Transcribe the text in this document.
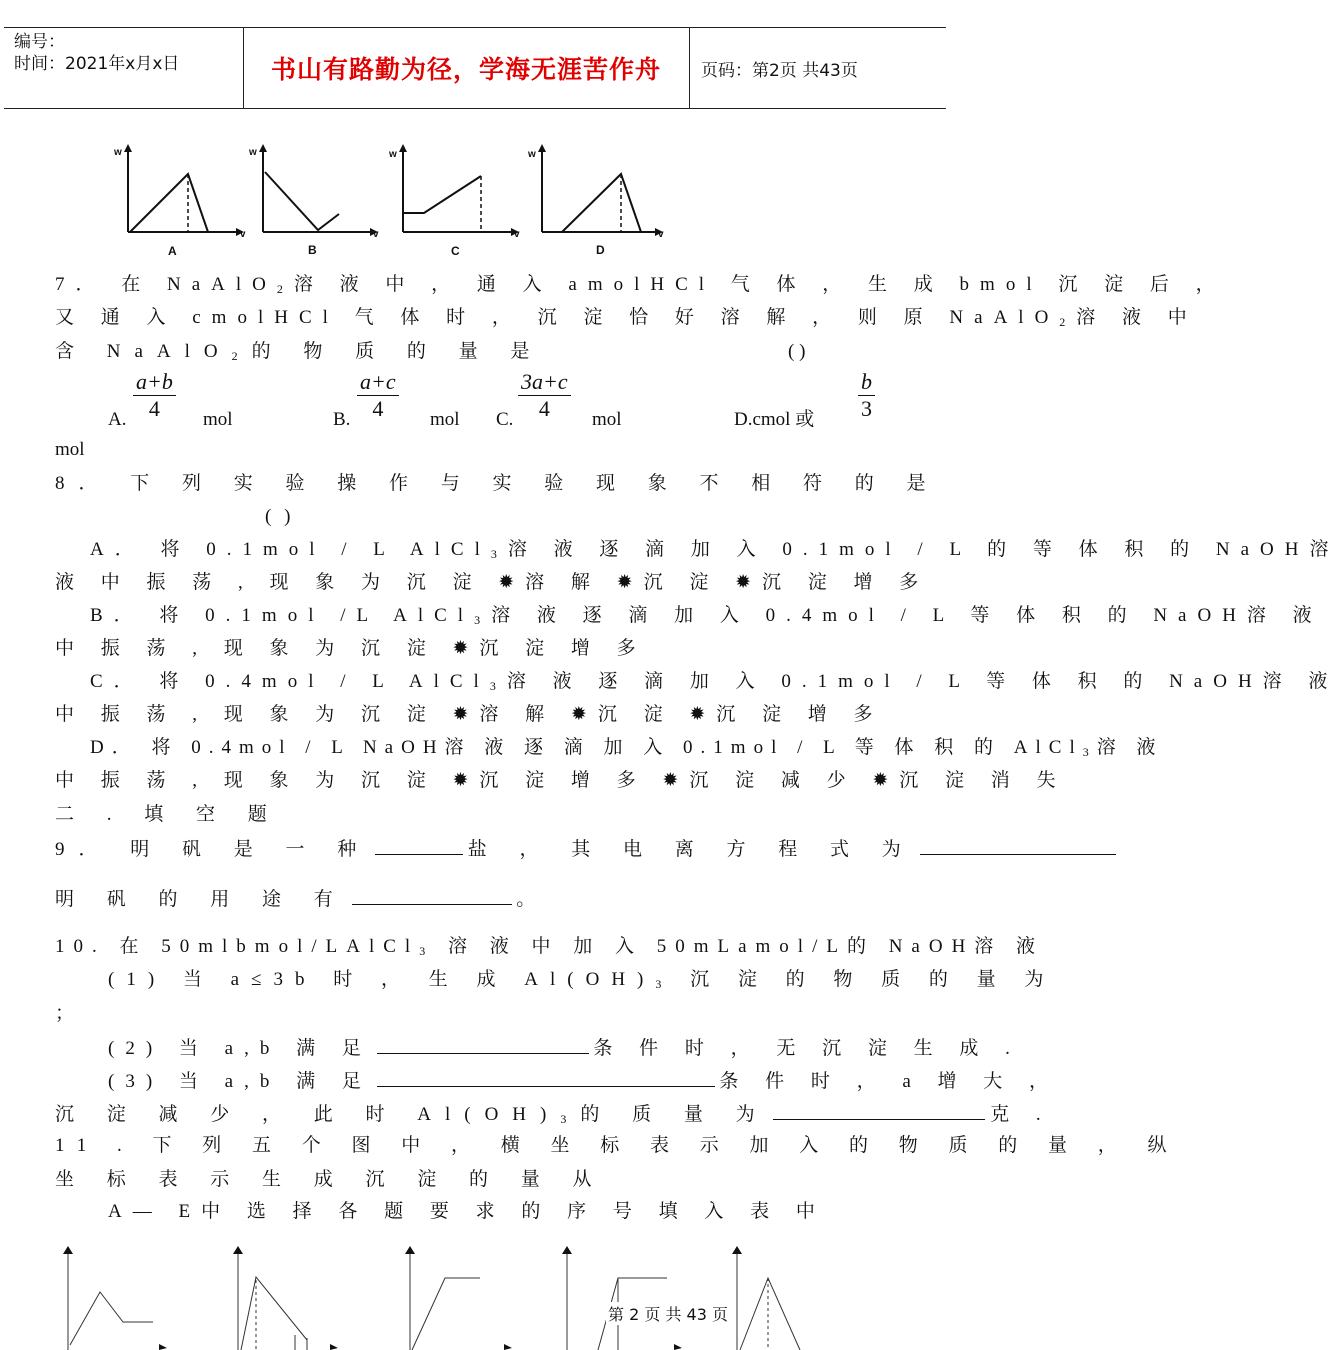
编号：
时间：2021年x月x日	书山有路勤为径，学海无涯苦作舟 页码：第2页 共43页
w
v
w
v
w
v
w
v
A	B	C	D
7． 在 NaAlO$_2$溶 液 中 ， 通 入 amolHCl 气 体 ， 生 成 bmol 沉 淀 后 ，
又 通 入 cmolHCl 气 体 时 ， 沉 淀 恰 好 溶 解 ， 则 原 NaAlO$_2$溶 液 中
含 NaAlO$_2$的 物 质 的 量 是	( )
A. $\frac{a+b}{4}$ mol	B. $\frac{a+c}{4}$ mol	C. $\frac{3a+c}{4}$ mol	D.cmol 或	$\frac{b}{3}$
mol
8． 下 列 实 验 操 作 与 实 验 现 象 不 相 符 的 是
( )
A． 将 0.1mol / L AlCl$_3$溶 液 逐 滴 加 入 0.1mol / L 的 等 体 积 的 NaOH溶
液 中 振 荡 , 现 象 为 沉 淀 ✹溶 解 ✹沉 淀 ✹沉 淀 增 多
B． 将 0.1mol /L AlCl$_3$溶 液 逐 滴 加 入 0.4mol / L 等 体 积 的 NaOH溶 液
中 振 荡 , 现 象 为 沉 淀 ✹沉 淀 增 多
C． 将 0.4mol / L AlCl$_3$溶 液 逐 滴 加 入 0.1mol / L 等 体 积 的 NaOH溶 液
中 振 荡 , 现 象 为 沉 淀 ✹溶 解 ✹沉 淀 ✹沉 淀 增 多
D． 将 0.4mol / L NaOH溶 液 逐 滴 加 入 0.1mol / L 等 体 积 的 AlCl$_3$溶 液
中 振 荡 , 现 象 为 沉 淀 ✹沉 淀 增 多 ✹沉 淀 减 少 ✹沉 淀 消 失
二 . 填 空 题
9． 明 矾 是 一 种	盐 ， 其 电 离 方 程 式 为
明 矾 的 用 途 有	。
10. 在 50mlbmol/LAlCl$_3$ 溶 液 中 加 入 50mLamol/L的 NaOH溶 液
(1) 当 a≤3b 时 ， 生 成 $Al(OH)_3$ 沉 淀 的 物 质 的 量 为
；
(2) 当 a,b 满 足	条 件 时 ， 无 沉 淀 生 成 .
(3) 当 a,b 满 足	条 件 时 ， a 增 大 ，
沉 淀 减 少 ， 此 时 $Al(OH)_3$的 质 量 为	克 .
11 . 下 列 五 个 图 中 ， 横 坐 标 表 示 加 入 的 物 质 的 量 ， 纵
坐 标 表 示 生 成 沉 淀 的 量 从
A— E中 选 择 各 题 要 求 的 序 号 填 入 表 中
第 2 页 共 43 页
